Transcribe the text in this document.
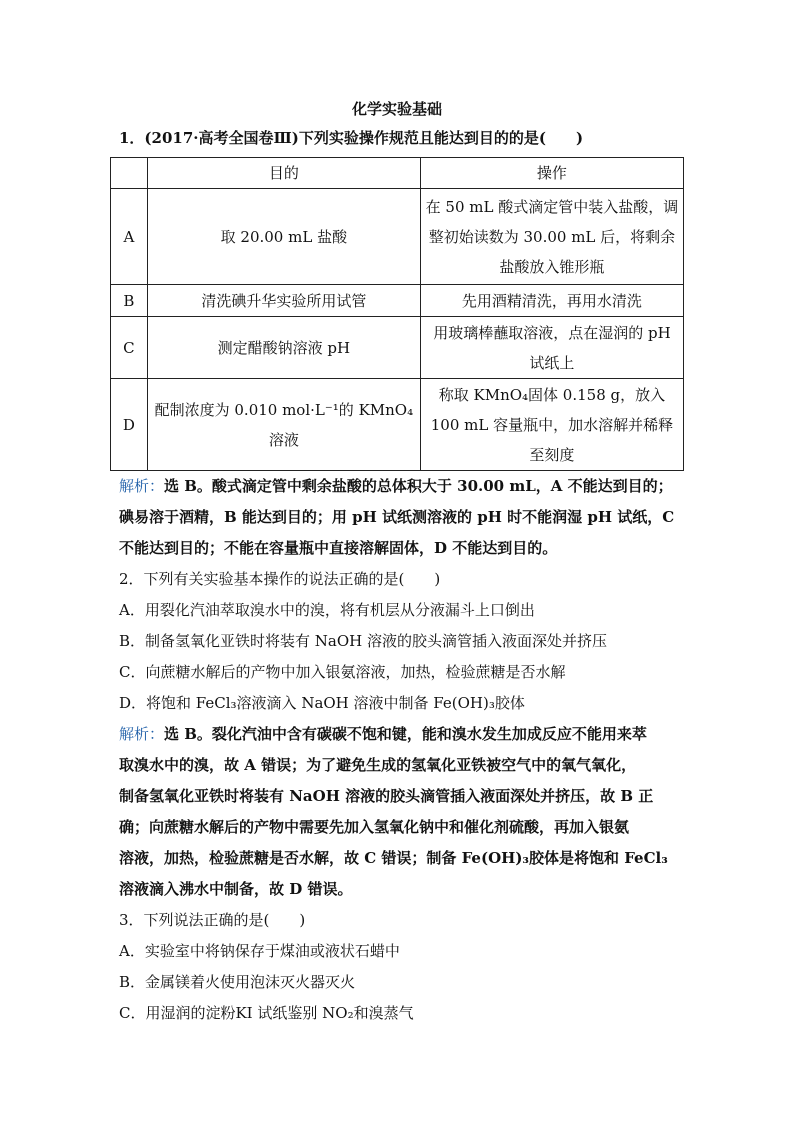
化学实验基础
1．(2017·高考全国卷Ⅲ)下列实验操作规范且能达到目的的是(　　)
	目的	操作
A	取 20.00 mL 盐酸	在 50 mL 酸式滴定管中装入盐酸，调整初始读数为 30.00 mL 后，将剩余盐酸放入锥形瓶
B	清洗碘升华实验所用试管	先用酒精清洗，再用水清洗
C	测定醋酸钠溶液 pH	用玻璃棒蘸取溶液，点在湿润的 pH 试纸上
D	配制浓度为 0.010 mol·L⁻¹的 KMnO₄溶液	称取 KMnO₄固体 0.158 g，放入 100 mL 容量瓶中，加水溶解并稀释至刻度
解析：选 B。酸式滴定管中剩余盐酸的总体积大于 30.00 mL，A 不能达到目的；
碘易溶于酒精，B 能达到目的；用 pH 试纸测溶液的 pH 时不能润湿 pH 试纸，C
不能达到目的；不能在容量瓶中直接溶解固体，D 不能达到目的。
2．下列有关实验基本操作的说法正确的是(　　)
A．用裂化汽油萃取溴水中的溴，将有机层从分液漏斗上口倒出
B．制备氢氧化亚铁时将装有 NaOH 溶液的胶头滴管插入液面深处并挤压
C．向蔗糖水解后的产物中加入银氨溶液，加热，检验蔗糖是否水解
D．将饱和 FeCl₃溶液滴入 NaOH 溶液中制备 Fe(OH)₃胶体
解析：选 B。裂化汽油中含有碳碳不饱和键，能和溴水发生加成反应不能用来萃
取溴水中的溴，故 A 错误；为了避免生成的氢氧化亚铁被空气中的氧气氧化，
制备氢氧化亚铁时将装有 NaOH 溶液的胶头滴管插入液面深处并挤压，故 B 正
确；向蔗糖水解后的产物中需要先加入氢氧化钠中和催化剂硫酸，再加入银氨
溶液，加热，检验蔗糖是否水解，故 C 错误；制备 Fe(OH)₃胶体是将饱和 FeCl₃
溶液滴入沸水中制备，故 D 错误。
3．下列说法正确的是(　　)
A．实验室中将钠保存于煤油或液状石蜡中
B．金属镁着火使用泡沫灭火器灭火
C．用湿润的淀粉KI 试纸鉴别 NO₂和溴蒸气
